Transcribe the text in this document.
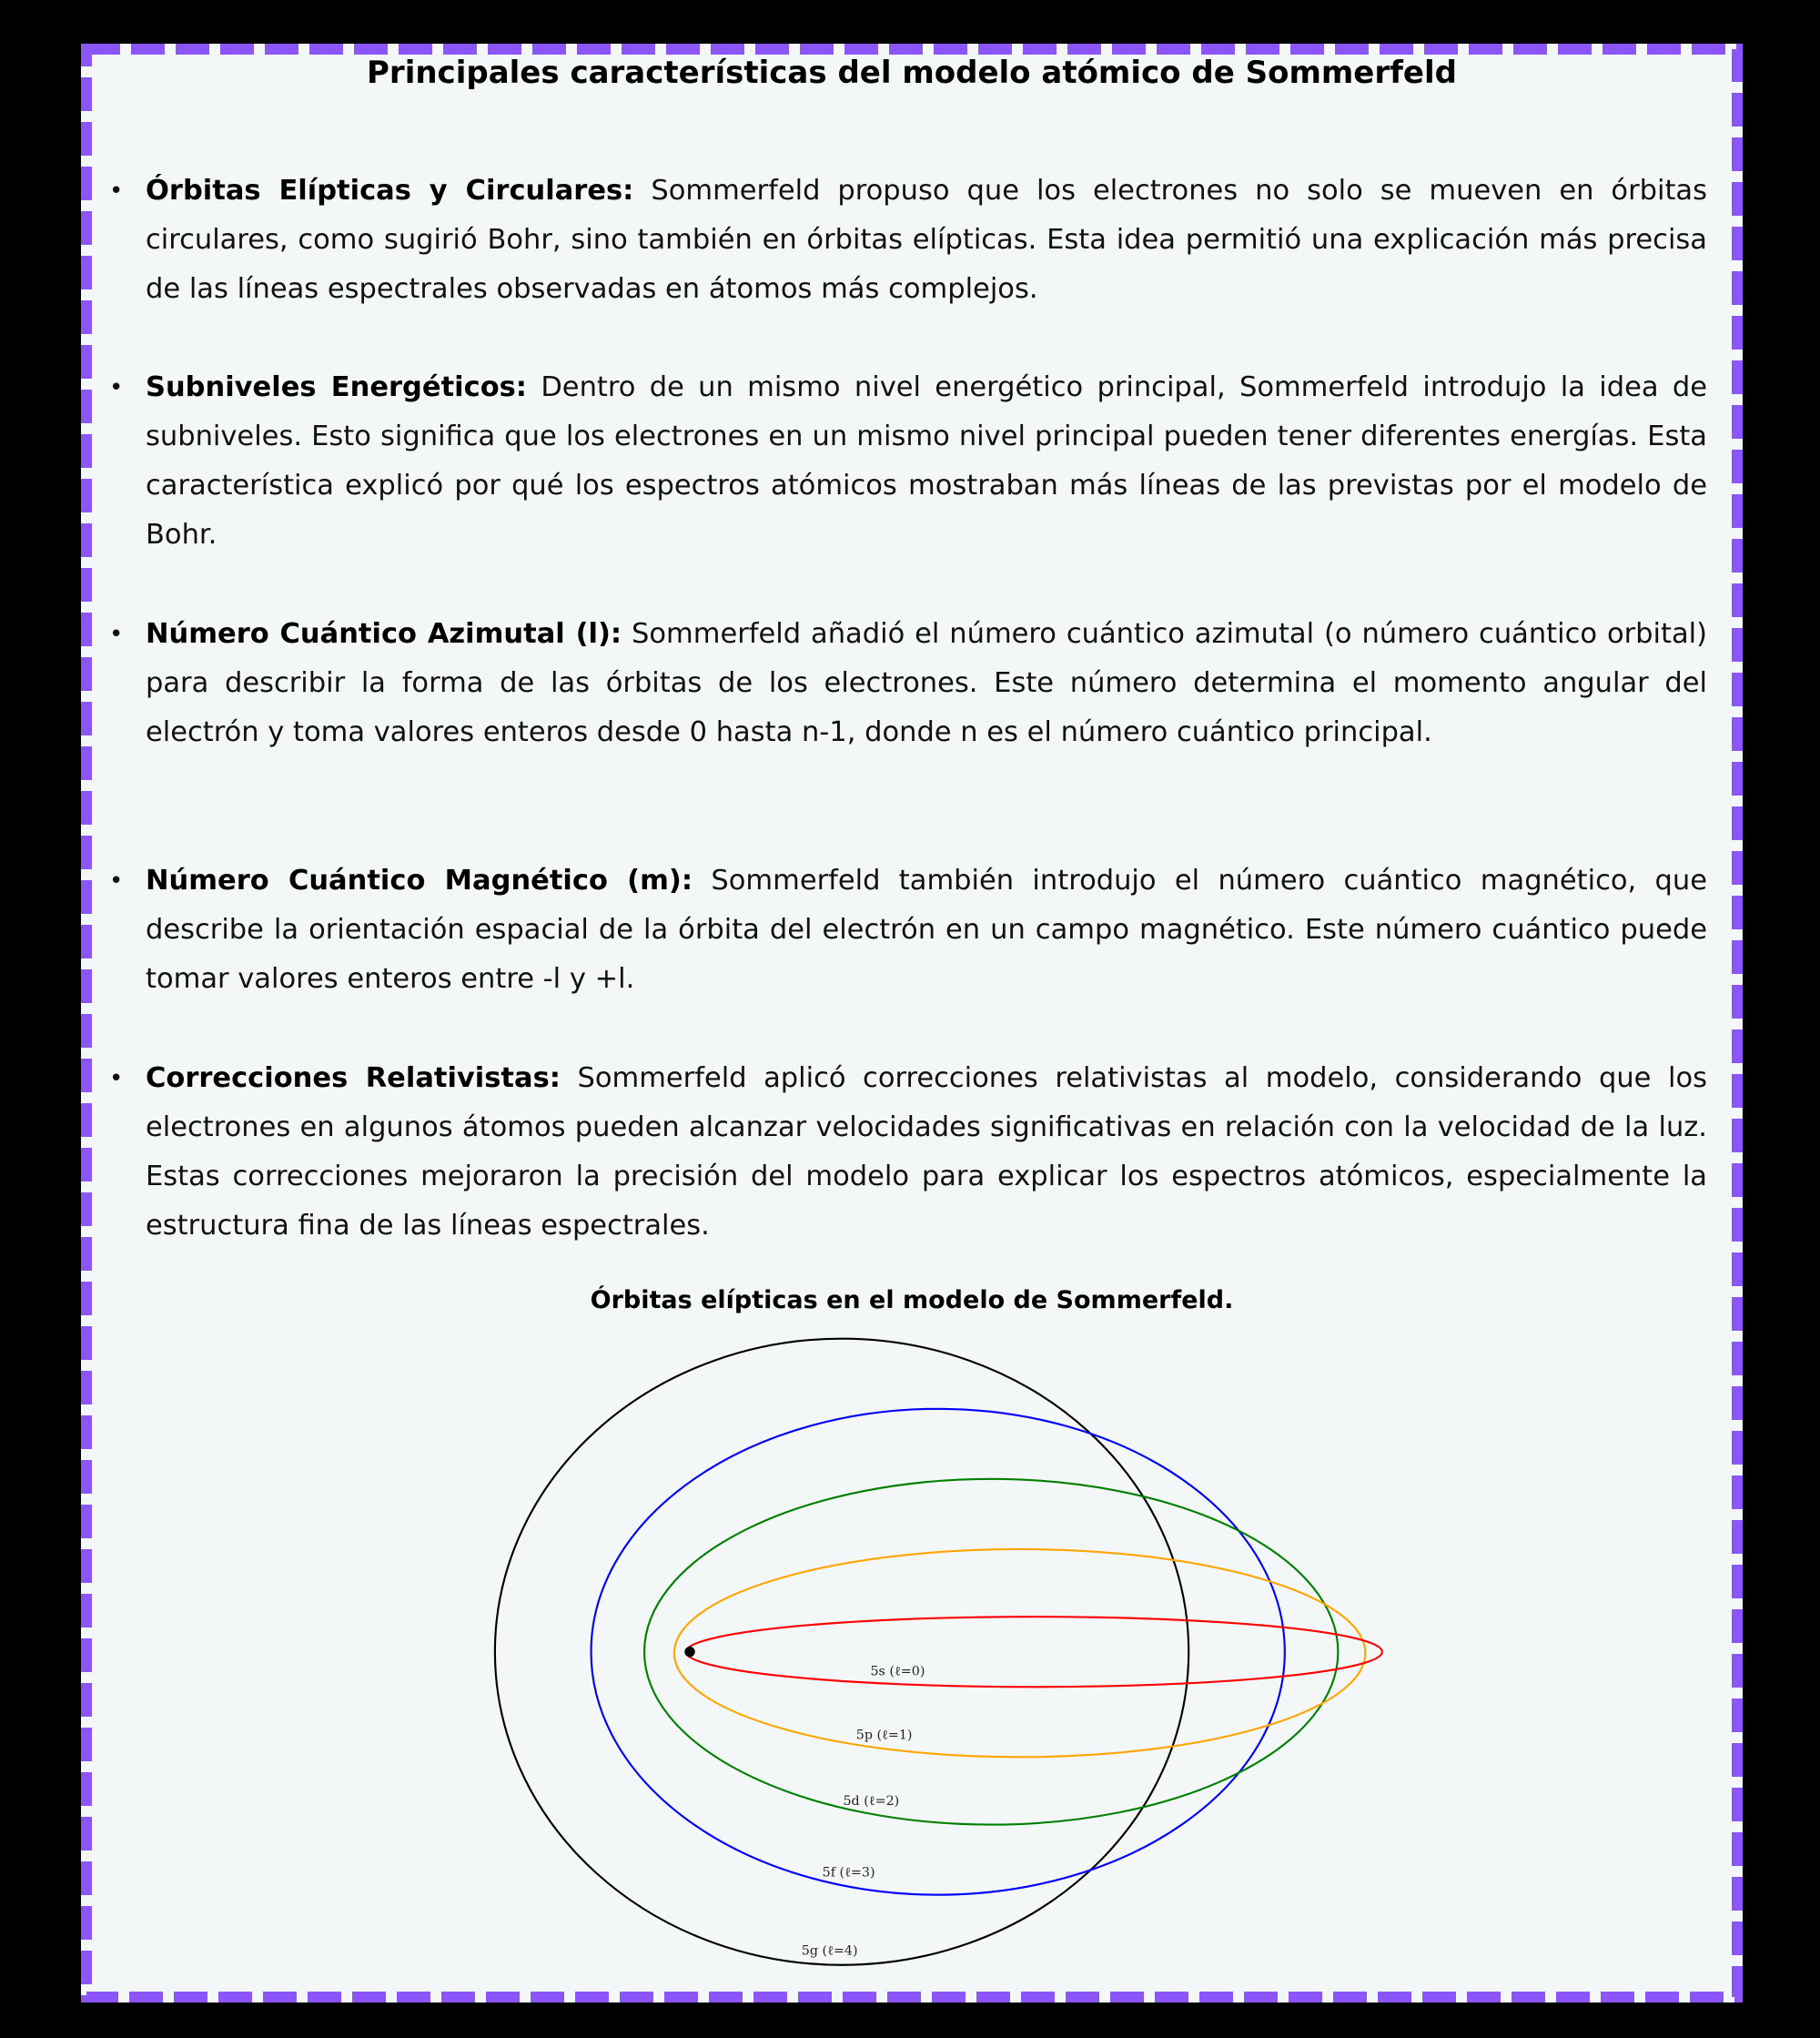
Principales características del modelo atómico de Sommerfeld
• Órbitas Elípticas y Circulares: Sommerfeld propuso que los electrones no solo se mueven en órbitas circulares, como sugirió Bohr, sino también en órbitas elípticas. Esta idea permitió una explicación más precisa de las líneas espectrales observadas en átomos más complejos.
• Subniveles Energéticos: Dentro de un mismo nivel energético principal, Sommerfeld introdujo la idea de subniveles. Esto significa que los electrones en un mismo nivel principal pueden tener diferentes energías. Esta característica explicó por qué los espectros atómicos mostraban más líneas de las previstas por el modelo de Bohr.
• Número Cuántico Azimutal (l): Sommerfeld añadió el número cuántico azimutal (o número cuántico orbital) para describir la forma de las órbitas de los electrones. Este número determina el momento angular del electrón y toma valores enteros desde 0 hasta n-1, donde n es el número cuántico principal.
• Número Cuántico Magnético (m): Sommerfeld también introdujo el número cuántico magnético, que describe la orientación espacial de la órbita del electrón en un campo magnético. Este número cuántico puede tomar valores enteros entre -l y +l.
• Correcciones Relativistas: Sommerfeld aplicó correcciones relativistas al modelo, considerando que los electrones en algunos átomos pueden alcanzar velocidades significativas en relación con la velocidad de la luz. Estas correcciones mejoraron la precisión del modelo para explicar los espectros atómicos, especialmente la estructura fina de las líneas espectrales.
Órbitas elípticas en el modelo de Sommerfeld.
5s (ℓ=0)
5p (ℓ=1)
5d (ℓ=2)
5f (ℓ=3)
5g (ℓ=4)
